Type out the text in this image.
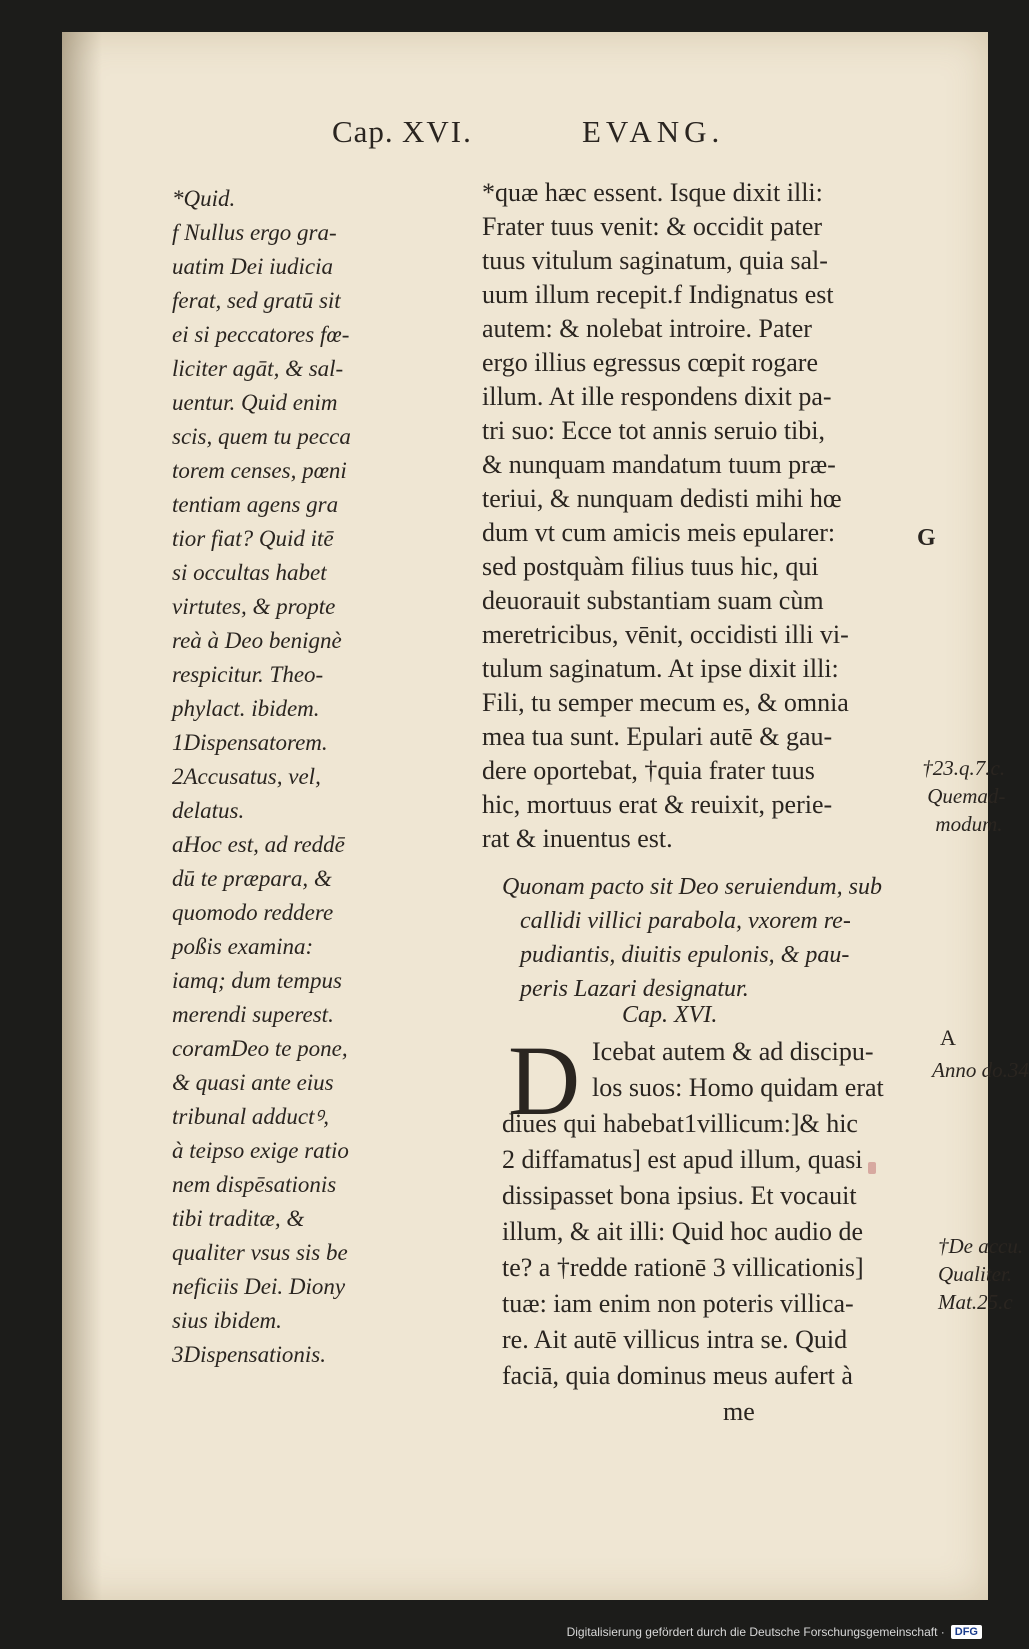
Cap. XVI.	EVANG.
*Quid.
f Nullus ergo gra-
uatim Dei iudicia
ferat, sed gratū sit
ei si peccatores fœ-
liciter agāt, & sal-
uentur. Quid enim
scis, quem tu pecca
torem censes, pœni
tentiam agens gra
tior fiat? Quid itē
si occultas habet
virtutes, & propte
reà à Deo benignè
respicitur. Theo-
phylact. ibidem.
1Dispensatorem.
2Accusatus, vel,
delatus.
aHoc est, ad reddē
dū te præpara, &
quomodo reddere
poßis examina:
iamq; dum tempus
merendi superest.
coramDeo te pone,
& quasi ante eius
tribunal adductꝰ,
à teipso exige ratio
nem dispēsationis
tibi traditæ, &
qualiter vsus sis be
neficiis Dei. Diony
sius ibidem.
3Dispensationis.
*quæ hæc essent. Isque dixit illi:
Frater tuus venit: & occidit pater
tuus vitulum saginatum, quia sal-
uum illum recepit.f Indignatus est
autem: & nolebat introire. Pater
ergo illius egressus cœpit rogare
illum. At ille respondens dixit pa-
tri suo: Ecce tot annis seruio tibi,
& nunquam mandatum tuum præ-
teriui, & nunquam dedisti mihi hœ
dum vt cum amicis meis epularer:
sed postquàm filius tuus hic, qui
deuorauit substantiam suam cùm
meretricibus, vēnit, occidisti illi vi-
tulum saginatum. At ipse dixit illi:
Fili, tu semper mecum es, & omnia
mea tua sunt. Epulari autē & gau-
dere oportebat, †quia frater tuus
hic, mortuus erat & reuixit, perie-
rat & inuentus est.
Quonam pacto sit Deo seruiendum, sub
callidi villici parabola, vxorem re-
pudiantis, diuitis epulonis, & pau-
peris Lazari designatur.
Cap. XVI.
D Icebat autem & ad discipu-
los suos: Homo quidam erat
diues qui habebat1villicum:]& hic
2 diffamatus] est apud illum, quasi
dissipasset bona ipsius. Et vocauit
illum, & ait illi: Quid hoc audio de
te? a †redde rationē 3 villicationis]
tuæ: iam enim non poteris villica-
re. Ait autē villicus intra se. Quid
faciā, quia dominus meus aufert à
me
G
†23.q.7.c.
Quemad-
modum.
A
Anno do.34
†De accu.
Qualiter.
Mat.25.c
Digitalisierung gefördert durch die Deutsche Forschungsgemeinschaft · DFG
